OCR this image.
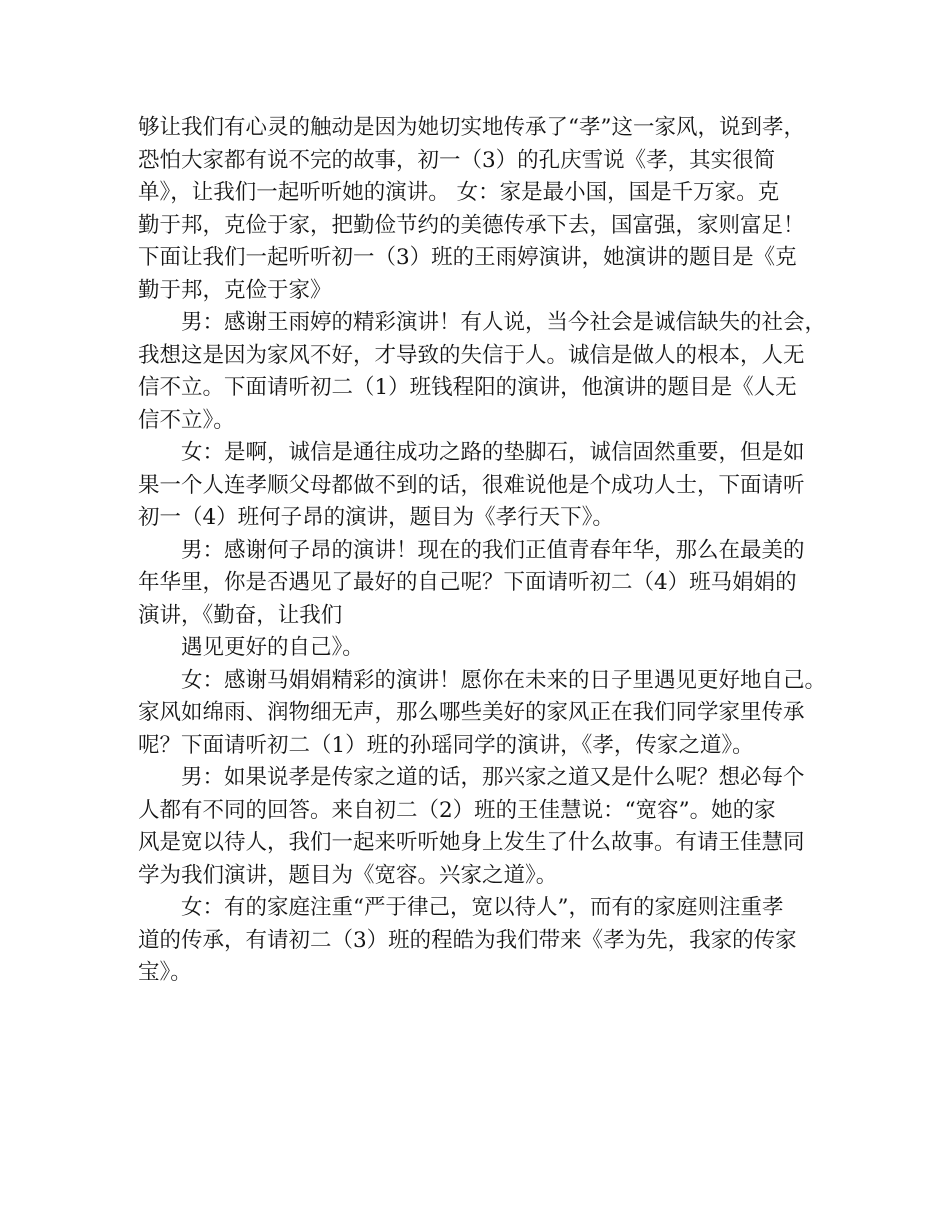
够让我们有心灵的触动是因为她切实地传承了“孝”这一家风，说到孝，
恐怕大家都有说不完的故事，初一（3）的孔庆雪说《孝，其实很简
单》，让我们一起听听她的演讲。 女：家是最小国，国是千万家。克
勤于邦，克俭于家，把勤俭节约的美德传承下去，国富强，家则富足！
下面让我们一起听听初一（3）班的王雨婷演讲，她演讲的题目是《克
勤于邦，克俭于家》
男：感谢王雨婷的精彩演讲！有人说，当今社会是诚信缺失的社会，
我想这是因为家风不好，才导致的失信于人。诚信是做人的根本，人无
信不立。下面请听初二（1）班钱程阳的演讲，他演讲的题目是《人无
信不立》。
女：是啊，诚信是通往成功之路的垫脚石，诚信固然重要，但是如
果一个人连孝顺父母都做不到的话，很难说他是个成功人士，下面请听
初一（4）班何子昂的演讲，题目为《孝行天下》。
男：感谢何子昂的演讲！现在的我们正值青春年华，那么在最美的
年华里，你是否遇见了最好的自己呢？下面请听初二（4）班马娟娟的
演讲，《勤奋，让我们
遇见更好的自己》。
女：感谢马娟娟精彩的演讲！愿你在未来的日子里遇见更好地自己。
家风如绵雨、润物细无声，那么哪些美好的家风正在我们同学家里传承
呢？下面请听初二（1）班的孙瑶同学的演讲，《孝，传家之道》。
男：如果说孝是传家之道的话，那兴家之道又是什么呢？想必每个
人都有不同的回答。来自初二（2）班的王佳慧说：“宽容”。她的家
风是宽以待人，我们一起来听听她身上发生了什么故事。有请王佳慧同
学为我们演讲，题目为《宽容。兴家之道》。
女：有的家庭注重“严于律己，宽以待人”，而有的家庭则注重孝
道的传承，有请初二（3）班的程皓为我们带来《孝为先，我家的传家
宝》。
